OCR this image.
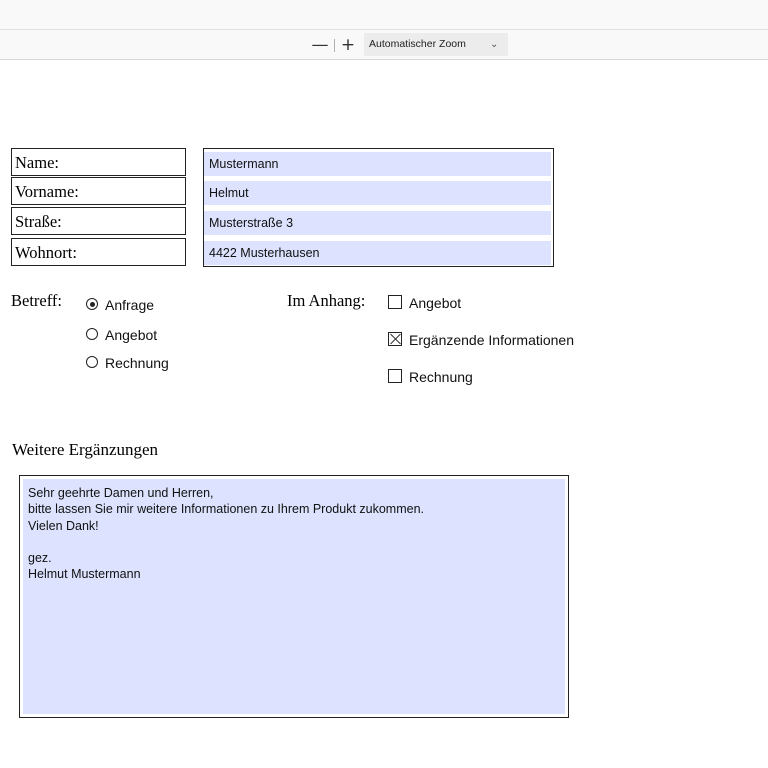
— + Automatischer Zoom ⌄
Name:
Vorname:
Straße:
Wohnort:
Mustermann
Helmut
Musterstraße 3
4422 Musterhausen
Betreff:	Anfrage
Angebot
Rechnung
Im Anhang:	Angebot
Ergänzende Informationen
Rechnung
Weitere Ergänzungen
Sehr geehrte Damen und Herren,
bitte lassen Sie mir weitere Informationen zu Ihrem Produkt zukommen.
Vielen Dank!

gez.
Helmut Mustermann
